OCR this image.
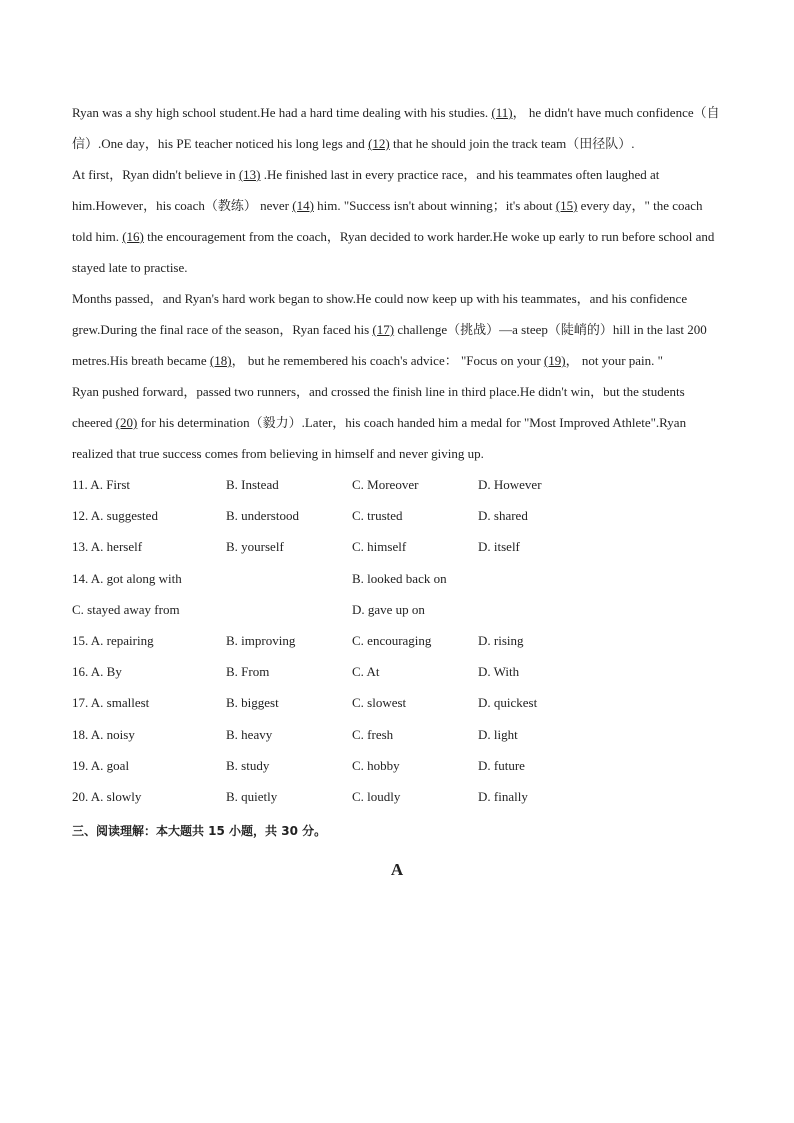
Ryan was a shy high school student.He had a hard time dealing with his studies. (11)， he didn't have much confidence（自信）.One day，his PE teacher noticed his long legs and (12) that he should join the track team（田径队）.

At first，Ryan didn't believe in (13) .He finished last in every practice race，and his teammates often laughed at him.However，his coach（教练） never (14) him. "Success isn't about winning；it's about (15) every day，" the coach told him. (16) the encouragement from the coach，Ryan decided to work harder.He woke up early to run before school and stayed late to practise.

Months passed，and Ryan's hard work began to show.He could now keep up with his teammates，and his confidence grew.During the final race of the season，Ryan faced his (17) challenge（挑战）—a steep（陡峭的）hill in the last 200 metres.His breath became (18)， but he remembered his coach's advice： "Focus on your (19)， not your pain. "

Ryan pushed forward，passed two runners，and crossed the finish line in third place.He didn't win，but the students cheered (20) for his determination（毅力）.Later，his coach handed him a medal for "Most Improved Athlete".Ryan realized that true success comes from believing in himself and never giving up.

11. A. First	B. Instead	C. Moreover	D. However
12. A. suggested	B. understood	C. trusted	D. shared
13. A. herself	B. yourself	C. himself	D. itself
14. A. got along with	B. looked back on
C. stayed away from	D. gave up on
15. A. repairing	B. improving	C. encouraging	D. rising
16. A. By	B. From	C. At	D. With
17. A. smallest	B. biggest	C. slowest	D. quickest
18. A. noisy	B. heavy	C. fresh	D. light
19. A. goal	B. study	C. hobby	D. future
20. A. slowly	B. quietly	C. loudly	D. finally
三、阅读理解：本大题共 15 小题，共 30 分。
A
